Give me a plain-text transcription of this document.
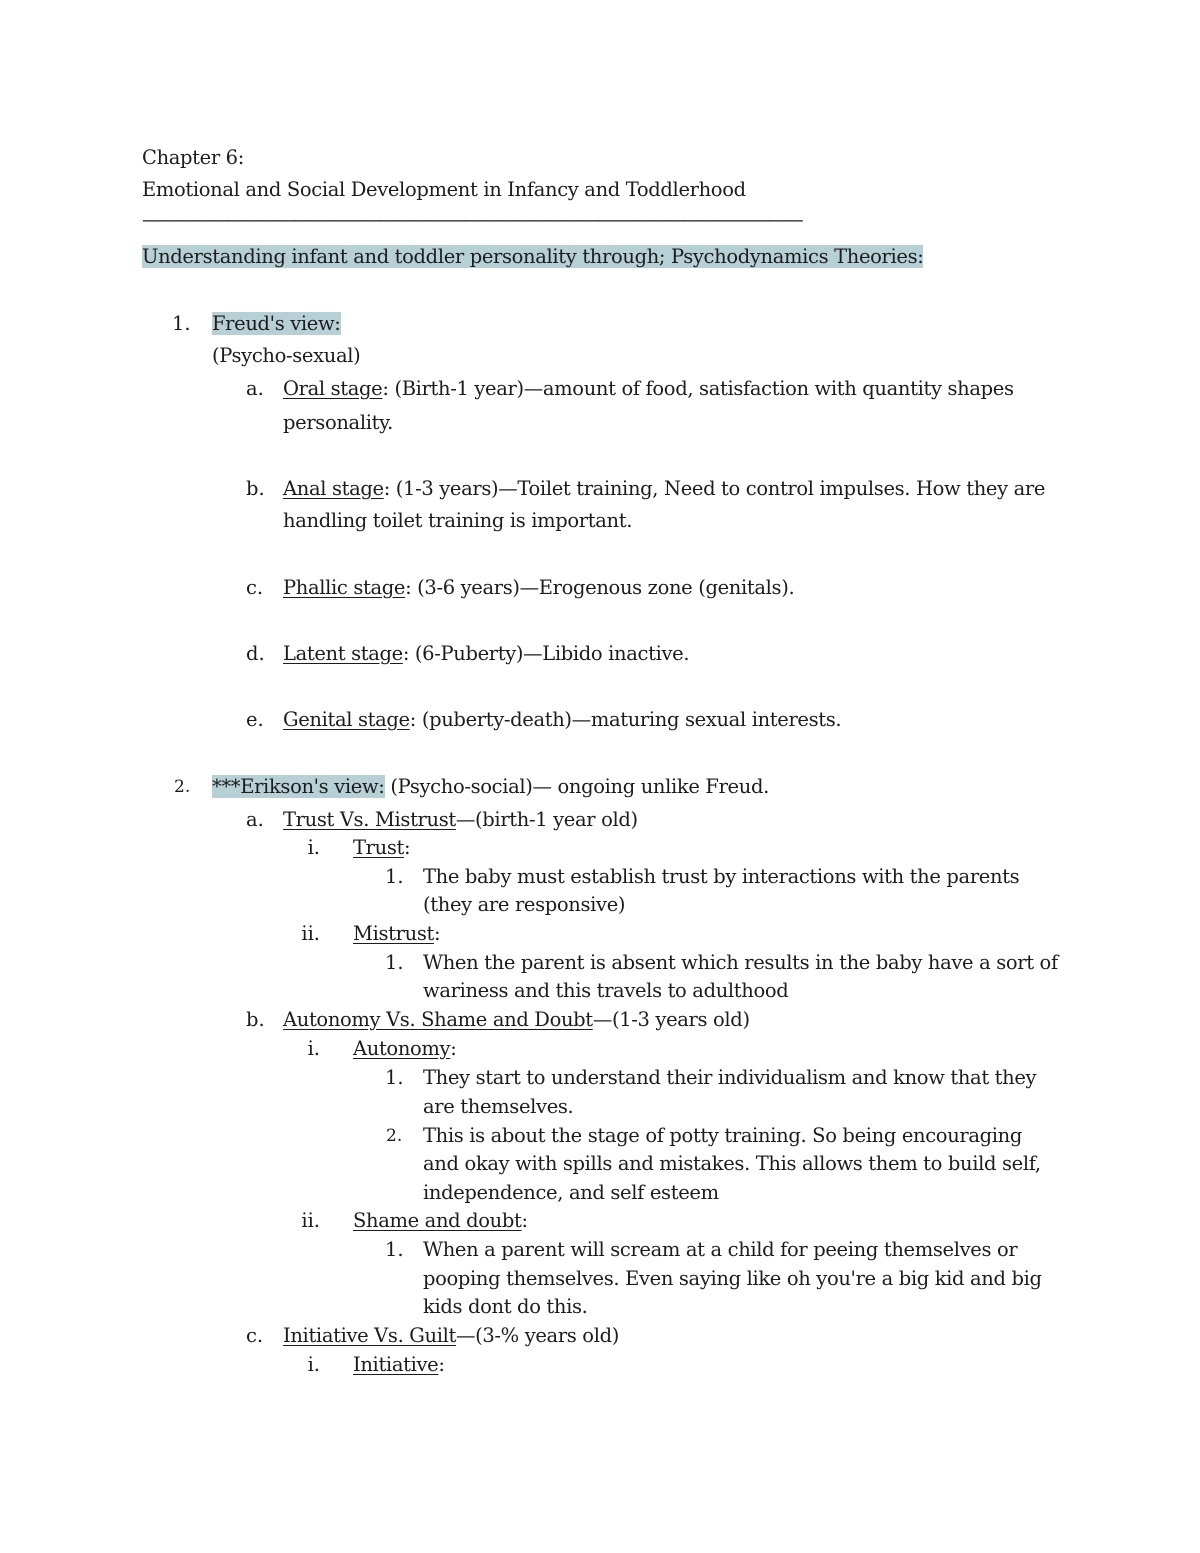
Chapter 6:
Emotional and Social Development in Infancy and Toddlerhood
———————————————————————————————————————
Understanding infant and toddler personality through; Psychodynamics Theories:
1. Freud's view:
(Psycho-sexual)
a. Oral stage: (Birth-1 year)—amount of food, satisfaction with quantity shapes
personality.
b. Anal stage: (1-3 years)—Toilet training, Need to control impulses. How they are
handling toilet training is important.
c. Phallic stage: (3-6 years)—Erogenous zone (genitals).
d. Latent stage: (6-Puberty)—Libido inactive.
e. Genital stage: (puberty-death)—maturing sexual interests.
2. ***Erikson's view: (Psycho-social)— ongoing unlike Freud.
a. Trust Vs. Mistrust—(birth-1 year old)
i. Trust:
1. The baby must establish trust by interactions with the parents
(they are responsive)
ii. Mistrust:
1. When the parent is absent which results in the baby have a sort of
wariness and this travels to adulthood
b. Autonomy Vs. Shame and Doubt—(1-3 years old)
i. Autonomy:
1. They start to understand their individualism and know that they
are themselves.
2. This is about the stage of potty training. So being encouraging
and okay with spills and mistakes. This allows them to build self,
independence, and self esteem
ii. Shame and doubt:
1. When a parent will scream at a child for peeing themselves or
pooping themselves. Even saying like oh you're a big kid and big
kids dont do this.
c. Initiative Vs. Guilt—(3-% years old)
i. Initiative:
